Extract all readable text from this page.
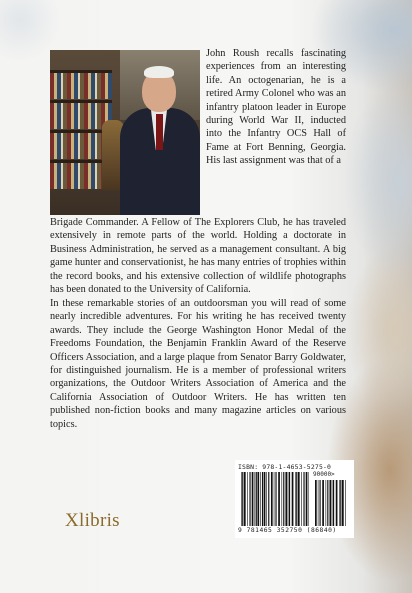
John Roush recalls fascinating experiences from an interesting life. An octogenarian, he is a retired Army Colonel who was an infantry platoon leader in Europe during World War II, inducted into the Infantry OCS Hall of Fame at Fort Benning, Georgia. His last assignment was that of a

Brigade Commander. A Fellow of The Explorers Club, he has traveled extensively in remote parts of the world. Holding a doctorate in Business Administration, he served as a management consultant. A big game hunter and conservationist, he has many entries of trophies within the record books, and his extensive collection of wildlife photographs has been donated to the University of California.

In these remarkable stories of an outdoorsman you will read of some nearly incredible adventures. For his writing he has received twenty awards. They include the George Washington Honor Medal of the Freedoms Foundation, the Benjamin Franklin Award of the Reserve Officers Association, and a large plaque from Senator Barry Goldwater, for distinguished journalism. He is a member of professional writers organizations, the Outdoor Writers Association of America and the California Association of Outdoor Writers. He has written ten published non-fiction books and many magazine articles on various topics.

ISBN: 978-1-4653-5275-0
90000>
9 781465 352750 (86840)
Xlibris
